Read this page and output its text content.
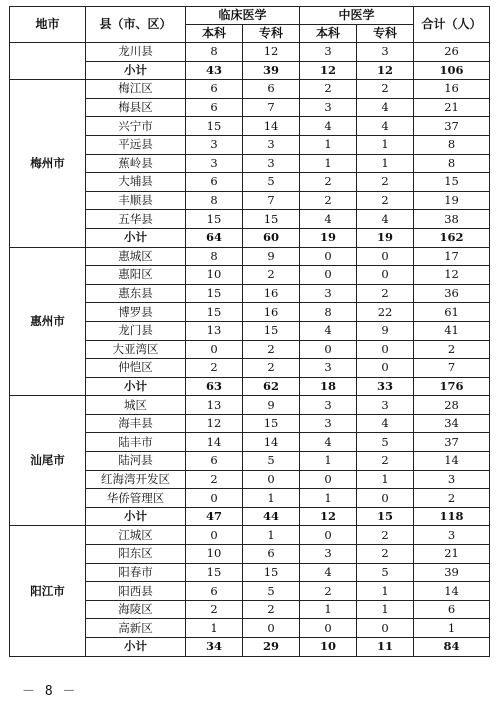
地市	县（市、区）	临床医学		中医学		合计（人）
		本科	专科	本科	专科	
	龙川县	8	12	3	3	26
	小计	43	39	12	12	106
梅州市	梅江区	6	6	2	2	16
	梅县区	6	7	3	4	21
	兴宁市	15	14	4	4	37
	平远县	3	3	1	1	8
	蕉岭县	3	3	1	1	8
	大埔县	6	5	2	2	15
	丰顺县	8	7	2	2	19
	五华县	15	15	4	4	38
	小计	64	60	19	19	162
惠州市	惠城区	8	9	0	0	17
	惠阳区	10	2	0	0	12
	惠东县	15	16	3	2	36
	博罗县	15	16	8	22	61
	龙门县	13	15	4	9	41
	大亚湾区	0	2	0	0	2
	仲恺区	2	2	3	0	7
	小计	63	62	18	33	176
汕尾市	城区	13	9	3	3	28
	海丰县	12	15	3	4	34
	陆丰市	14	14	4	5	37
	陆河县	6	5	1	2	14
	红海湾开发区	2	0	0	1	3
	华侨管理区	0	1	1	0	2
	小计	47	44	12	15	118
阳江市	江城区	0	1	0	2	3
	阳东区	10	6	3	2	21
	阳春市	15	15	4	5	39
	阳西县	6	5	2	1	14
	海陵区	2	2	1	1	6
	高新区	1	0	0	0	1
	小计	34	29	10	11	84
－ 8 －
